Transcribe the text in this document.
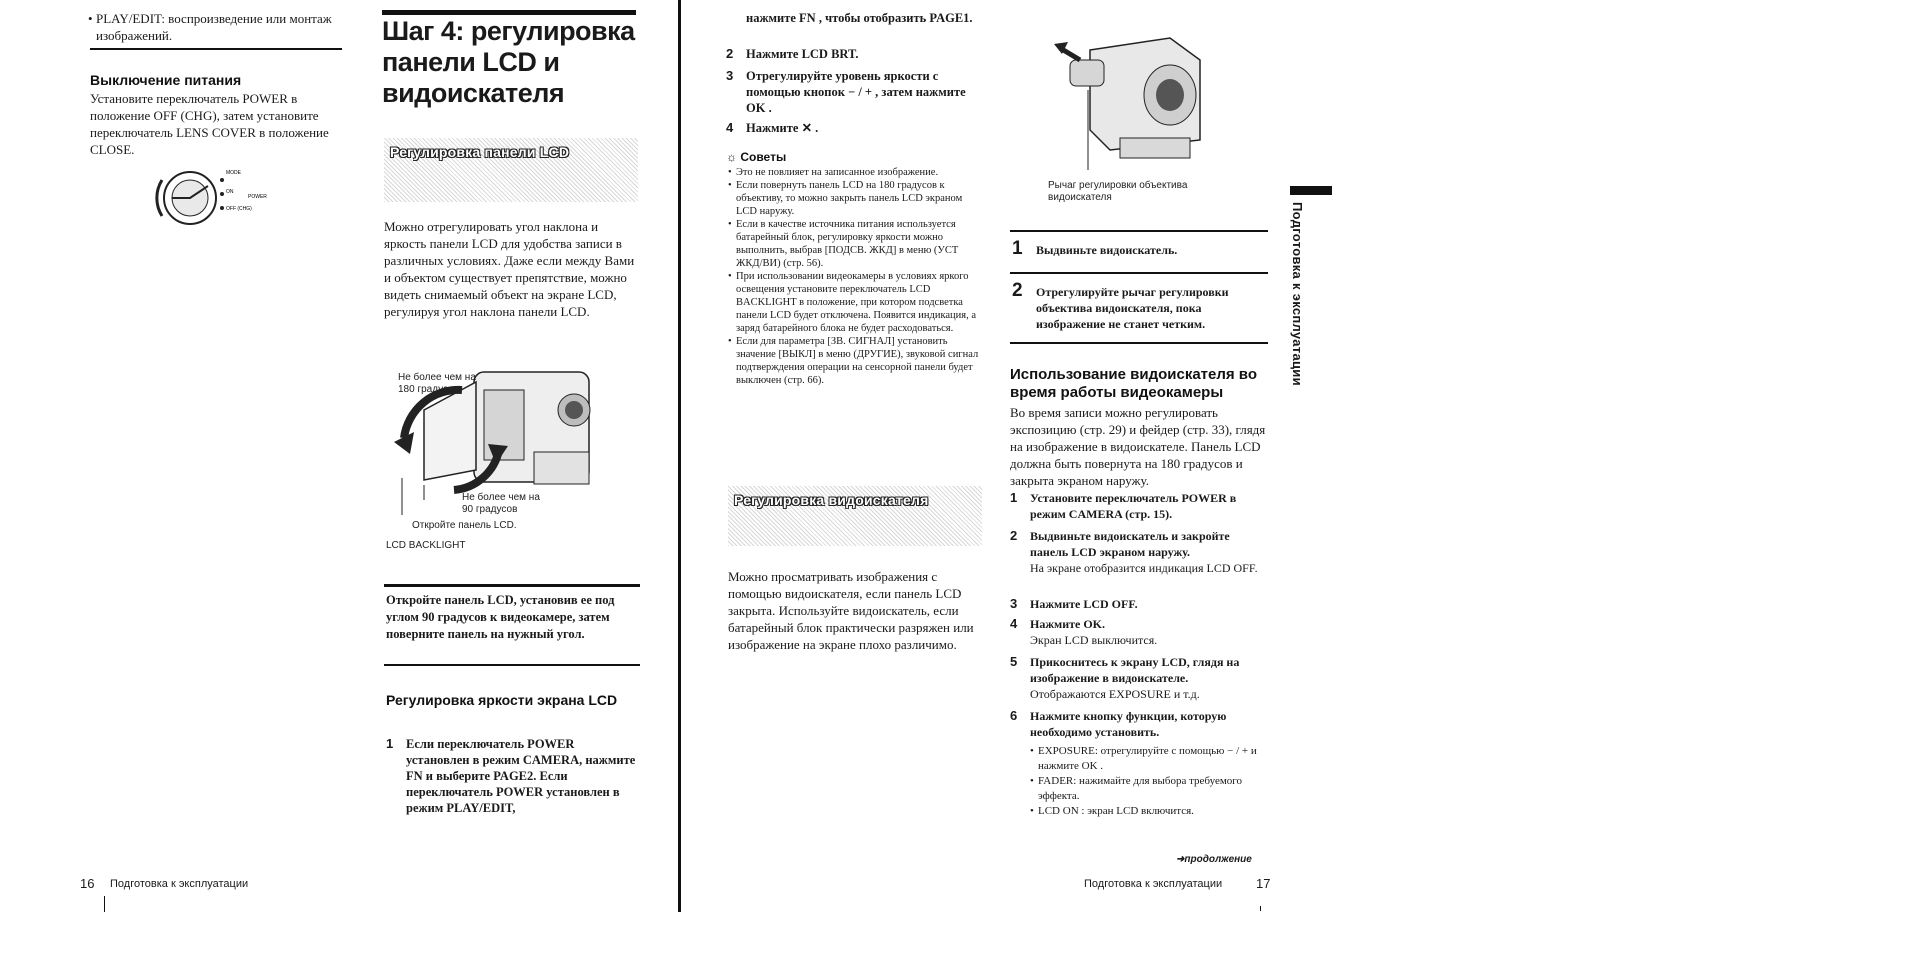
• PLAY/EDIT: воспроизведение или монтаж изображений.
Выключение питания
Установите переключатель POWER в положение OFF (CHG), затем установите переключатель LENS COVER в положение CLOSE.
MODE
ON
POWER
OFF (CHG)
Шаг 4: регулировка панели LCD и видоискателя
Регулировка панели LCD
Можно отрегулировать угол наклона и яркость панели LCD для удобства записи в различных условиях. Даже если между Вами и объектом существует препятствие, можно видеть снимаемый объект на экране LCD, регулируя угол наклона панели LCD.
Не более чем на 180 градусов
Не более чем на 90 градусов
Откройте панель LCD.
LCD BACKLIGHT
Откройте панель LCD, установив ее под углом 90 градусов к видеокамере, затем поверните панель на нужный угол.
Регулировка яркости экрана LCD
1 Если переключатель POWER установлен в режим CAMERA, нажмите FN и выберите PAGE2. Если переключатель POWER установлен в режим PLAY/EDIT,
16 Подготовка к эксплуатации
нажмите FN , чтобы отобразить PAGE1.
2 Нажмите LCD BRT.
3 Отрегулируйте уровень яркости с помощью кнопок − / + , затем нажмите OK .
4 Нажмите ✕ .
☼ Советы
• Это не повлияет на записанное изображение.
• Если повернуть панель LCD на 180 градусов к объективу, то можно закрыть панель LCD экраном LCD наружу.
• Если в качестве источника питания используется батарейный блок, регулировку яркости можно выполнить, выбрав [ПОДСВ. ЖКД] в меню (УСТ ЖКД/ВИ) (стр. 56).
• При использовании видеокамеры в условиях яркого освещения установите переключатель LCD BACKLIGHT в положение, при котором подсветка панели LCD будет отключена. Появится индикация, а заряд батарейного блока не будет расходоваться.
• Если для параметра [ЗВ. СИГНАЛ] установить значение [ВЫКЛ] в меню (ДРУГИЕ), звуковой сигнал подтверждения операции на сенсорной панели будет выключен (стр. 66).
Регулировка видоискателя
Можно просматривать изображения с помощью видоискателя, если панель LCD закрыта. Используйте видоискатель, если батарейный блок практически разряжен или изображение на экране плохо различимо.
Рычаг регулировки объектива видоискателя
1 Выдвиньте видоискатель.
2 Отрегулируйте рычаг регулировки объектива видоискателя, пока изображение не станет четким.
Использование видоискателя во время работы видеокамеры
Во время записи можно регулировать экспозицию (стр. 29) и фейдер (стр. 33), глядя на изображение в видоискателе. Панель LCD должна быть повернута на 180 градусов и закрыта экраном наружу.
1 Установите переключатель POWER в режим CAMERA (стр. 15).
2 Выдвиньте видоискатель и закройте панель LCD экраном наружу.
На экране отобразится индикация LCD OFF.
3 Нажмите LCD OFF.
4 Нажмите OK.
Экран LCD выключится.
5 Прикоснитесь к экрану LCD, глядя на изображение в видоискателе.
Отображаются EXPOSURE и т.д.
6 Нажмите кнопку функции, которую необходимо установить.
• EXPOSURE: отрегулируйте с помощью − / + и нажмите OK .
• FADER: нажимайте для выбора требуемого эффекта.
• LCD ON : экран LCD включится.
➜продолжение
Подготовка к эксплуатации	17
Подготовка к эксплуатации
